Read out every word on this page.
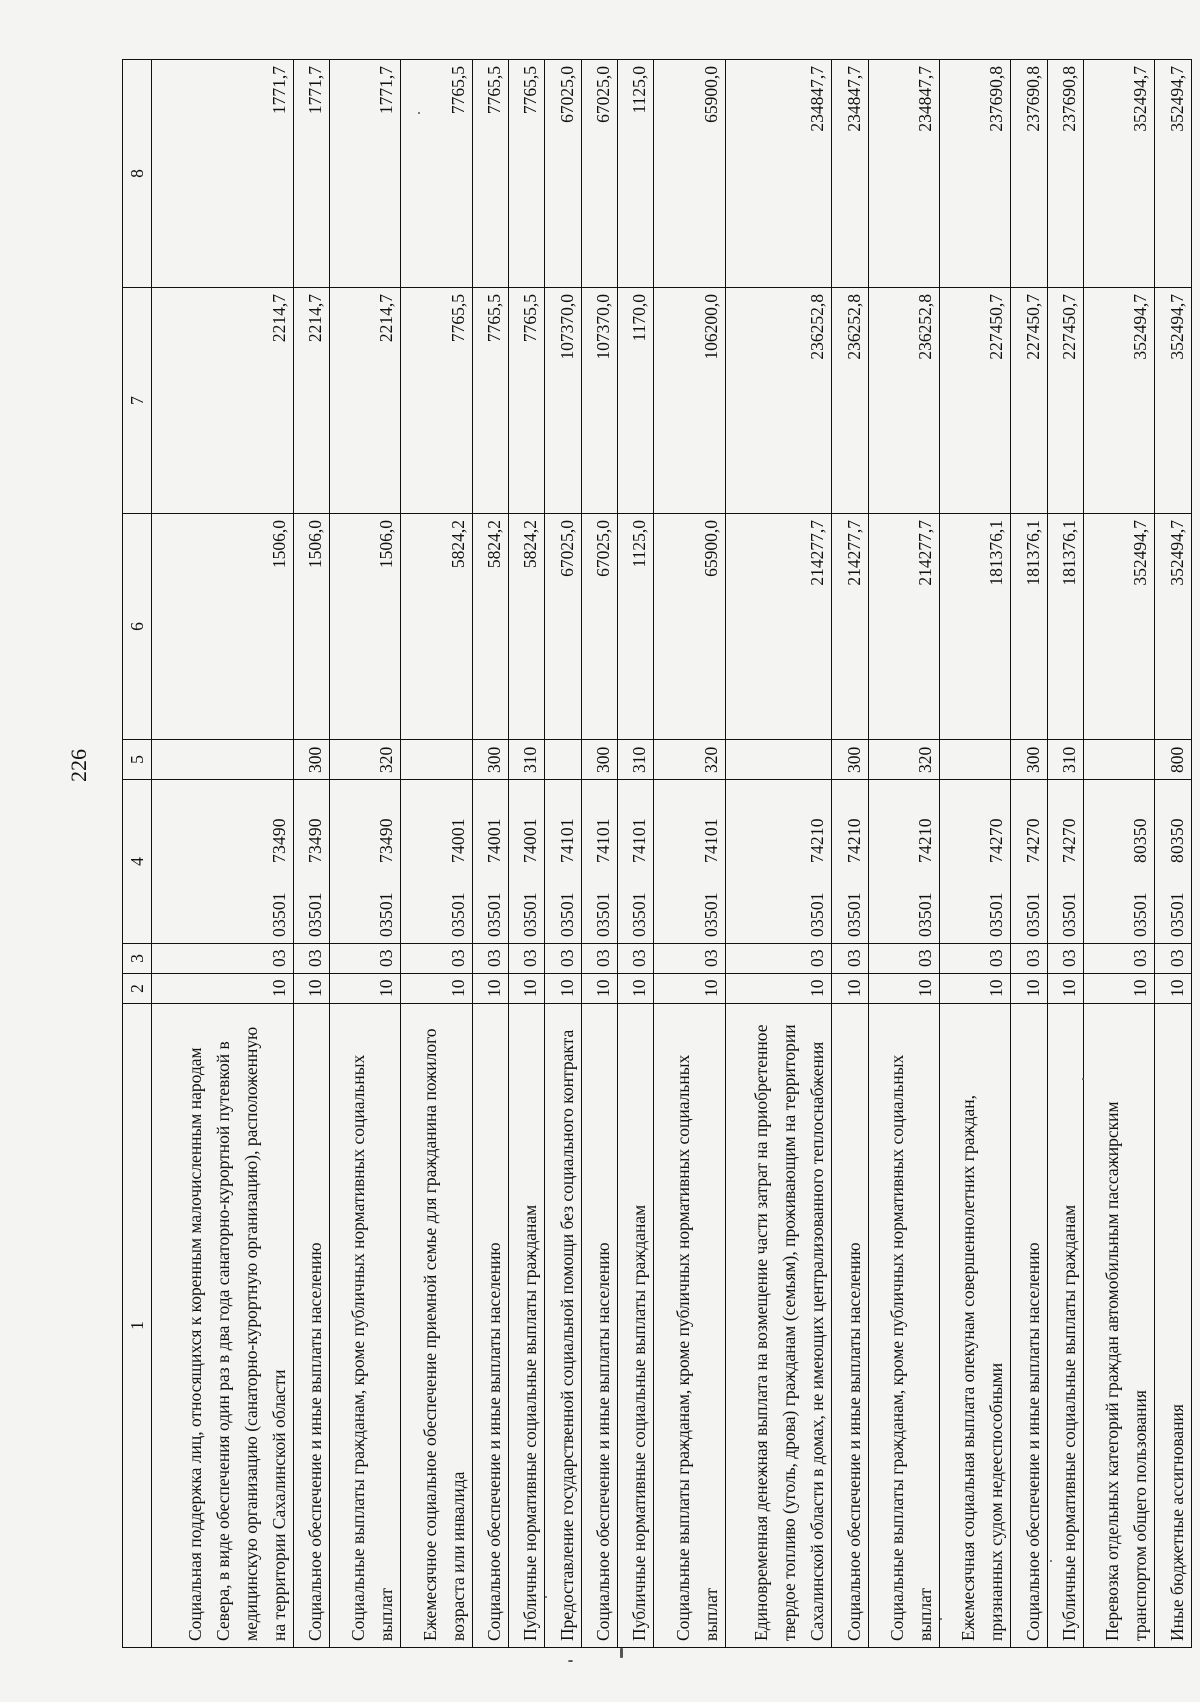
226
1	2	3	4	5	6	7	8
Социальная поддержка лиц, относящихся к коренным малочисленным народам Севера, в виде обеспечения один раз в два года санаторно-курортной путевкой в медицинскую организацию (санаторно-курортную организацию), расположенную на территории Сахалинской области	10	03	0350173490		1506,0	2214,7	1771,7
Социальное обеспечение и иные выплаты населению	10	03	0350173490	300	1506,0	2214,7	1771,7
Социальные выплаты гражданам, кроме публичных нормативных социальных выплат	10	03	0350173490	320	1506,0	2214,7	1771,7
Ежемесячное социальное обеспечение приемной семье для гражданина пожилого возраста или инвалида	10	03	0350174001		5824,2	7765,5	7765,5
Социальное обеспечение и иные выплаты населению	10	03	0350174001	300	5824,2	7765,5	7765,5
Публичные нормативные социальные выплаты гражданам	10	03	0350174001	310	5824,2	7765,5	7765,5
Предоставление государственной социальной помощи без социального контракта	10	03	0350174101		67025,0	107370,0	67025,0
Социальное обеспечение и иные выплаты населению	10	03	0350174101	300	67025,0	107370,0	67025,0
Публичные нормативные социальные выплаты гражданам	10	03	0350174101	310	1125,0	1170,0	1125,0
Социальные выплаты гражданам, кроме публичных нормативных социальных выплат	10	03	0350174101	320	65900,0	106200,0	65900,0
Единовременная денежная выплата на возмещение части затрат на приобретенное твердое топливо (уголь, дрова) гражданам (семьям), проживающим на территории Сахалинской области в домах, не имеющих централизованного теплоснабжения	10	03	0350174210		214277,7	236252,8	234847,7
Социальное обеспечение и иные выплаты населению	10	03	0350174210	300	214277,7	236252,8	234847,7
Социальные выплаты гражданам, кроме публичных нормативных социальных выплат	10	03	0350174210	320	214277,7	236252,8	234847,7
Ежемесячная социальная выплата опекунам совершеннолетних граждан, признанных судом недееспособными	10	03	0350174270		181376,1	227450,7	237690,8
Социальное обеспечение и иные выплаты населению	10	03	0350174270	300	181376,1	227450,7	237690,8
Публичные нормативные социальные выплаты гражданам	10	03	0350174270	310	181376,1	227450,7	237690,8
Перевозка отдельных категорий граждан автомобильным пассажирским транспортом общего пользования	10	03	0350180350		352494,7	352494,7	352494,7
Иные бюджетные ассигнования	10	03	0350180350	800	352494,7	352494,7	352494,7
